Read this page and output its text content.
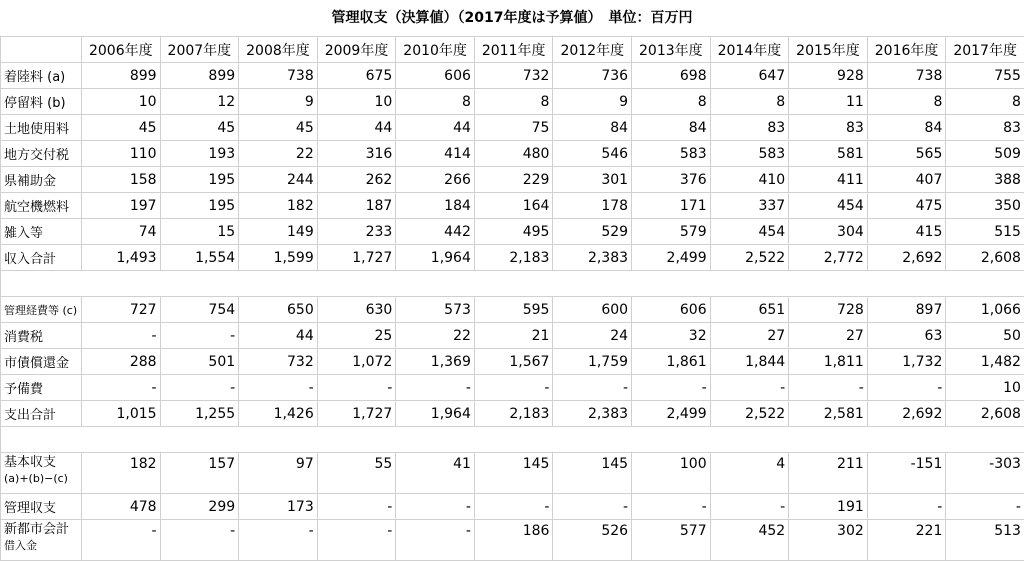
管理収支（決算値）（2017年度は予算値）　単位：百万円
	2006年度	2007年度	2008年度	2009年度	2010年度	2011年度	2012年度	2013年度	2014年度	2015年度	2016年度	2017年度
着陸料 (a)	899	899	738	675	606	732	736	698	647	928	738	755
停留料 (b)	10	12	9	10	8	8	9	8	8	11	8	8
土地使用料	45	45	45	44	44	75	84	84	83	83	84	83
地方交付税	110	193	22	316	414	480	546	583	583	581	565	509
県補助金	158	195	244	262	266	229	301	376	410	411	407	388
航空機燃料	197	195	182	187	184	164	178	171	337	454	475	350
雑入等	74	15	149	233	442	495	529	579	454	304	415	515
収入合計	1,493	1,554	1,599	1,727	1,964	2,183	2,383	2,499	2,522	2,772	2,692	2,608

管理経費等 (c)	727	754	650	630	573	595	600	606	651	728	897	1,066
消費税	-	-	44	25	22	21	24	32	27	27	63	50
市債償還金	288	501	732	1,072	1,369	1,567	1,759	1,861	1,844	1,811	1,732	1,482
予備費	-	-	-	-	-	-	-	-	-	-	-	10
支出合計	1,015	1,255	1,426	1,727	1,964	2,183	2,383	2,499	2,522	2,581	2,692	2,608

基本収支
(a)+(b)−(c)	182	157	97	55	41	145	145	100	4	211	-151	-303
管理収支	478	299	173	-	-	-	-	-	-	191	-	-
新都市会計
借入金	-	-	-	-	-	186	526	577	452	302	221	513
